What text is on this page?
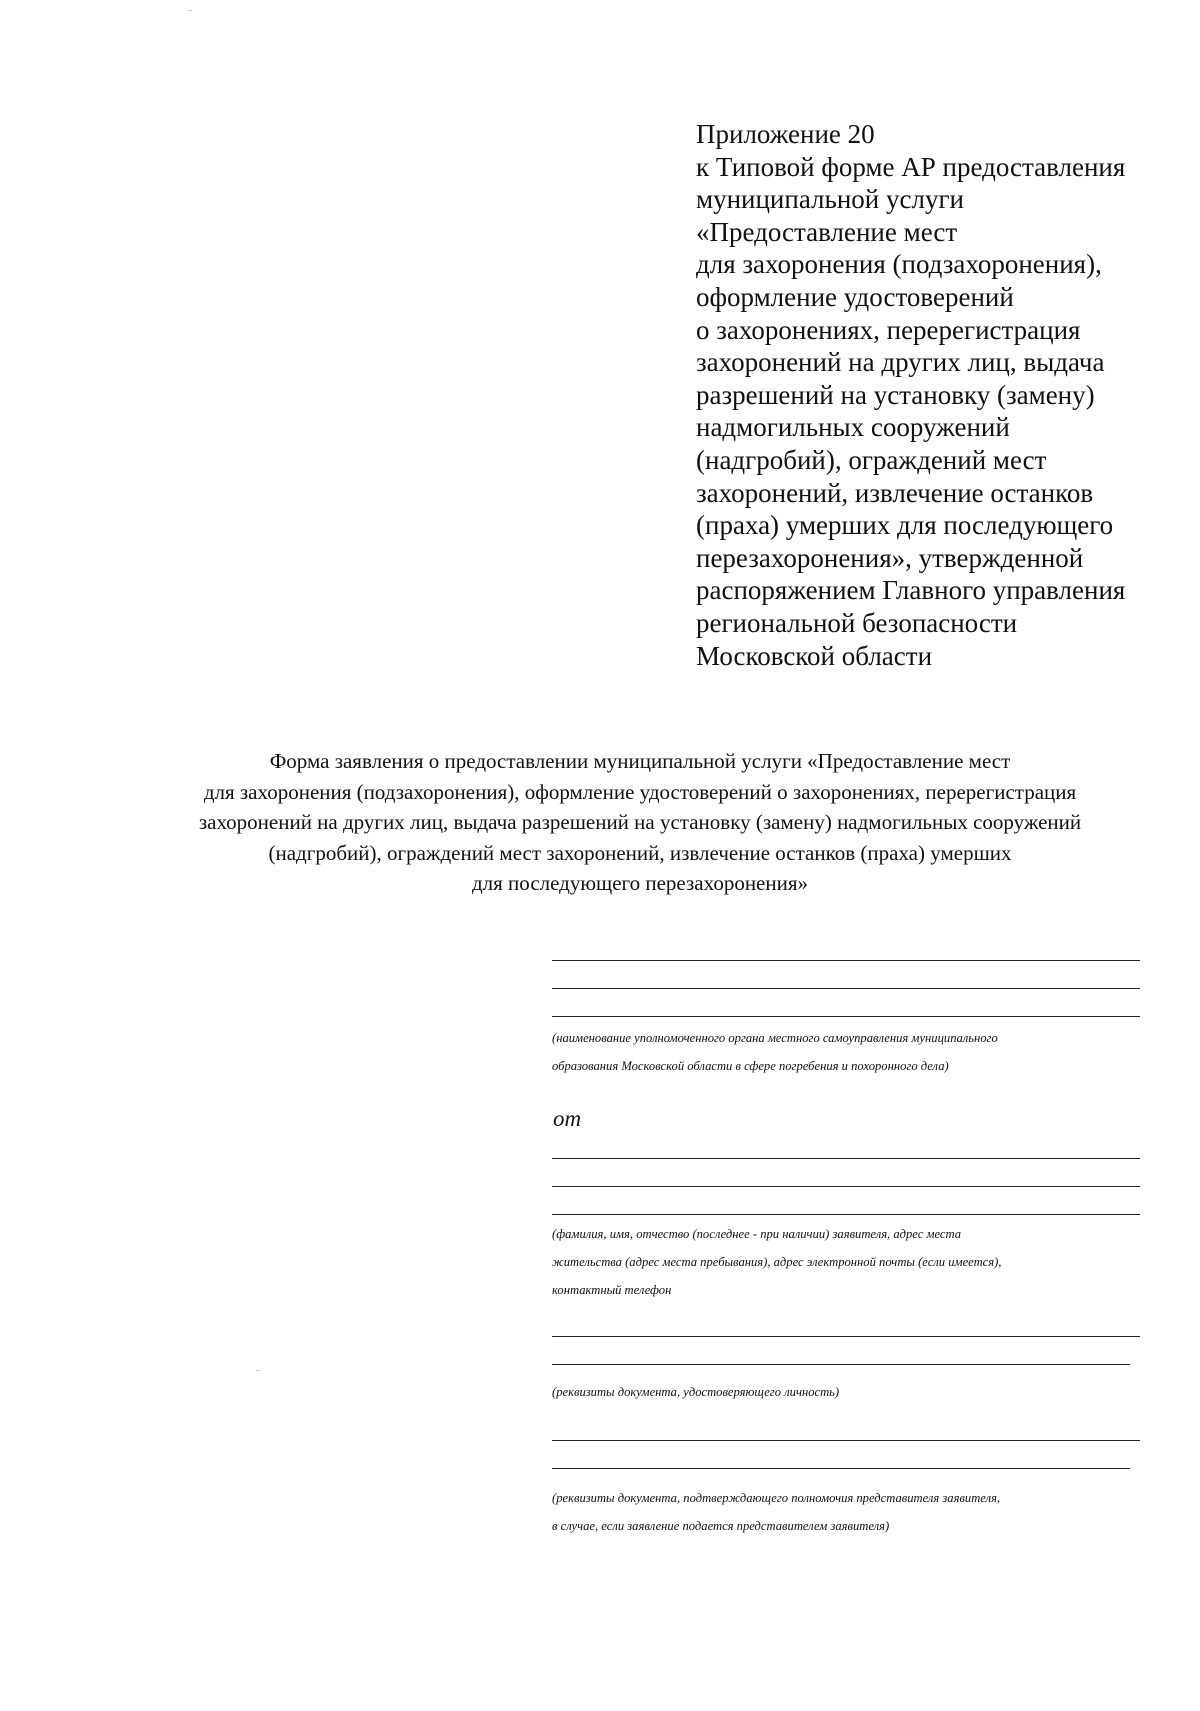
Приложение 20
к Типовой форме АР предоставления
муниципальной услуги
«Предоставление мест
для захоронения (подзахоронения),
оформление удостоверений
о захоронениях, перерегистрация
захоронений на других лиц, выдача
разрешений на установку (замену)
надмогильных сооружений
(надгробий), ограждений мест
захоронений, извлечение останков
(праха) умерших для последующего
перезахоронения», утвержденной
распоряжением Главного управления
региональной безопасности
Московской области
Форма заявления о предоставлении муниципальной услуги «Предоставление мест
для захоронения (подзахоронения), оформление удостоверений о захоронениях, перерегистрация
захоронений на других лиц, выдача разрешений на установку (замену) надмогильных сооружений
(надгробий), ограждений мест захоронений, извлечение останков (праха) умерших
для последующего перезахоронения»
(наименование уполномоченного органа местного самоуправления муниципального
образования Московской области в сфере погребения и похоронного дела)
от
(фамилия, имя, отчество (последнее - при наличии) заявителя, адрес места
жительства (адрес места пребывания), адрес электронной почты (если имеется),
контактный телефон
(реквизиты документа, удостоверяющего личность)
(реквизиты документа, подтверждающего полномочия представителя заявителя,
в случае, если заявление подается представителем заявителя)
